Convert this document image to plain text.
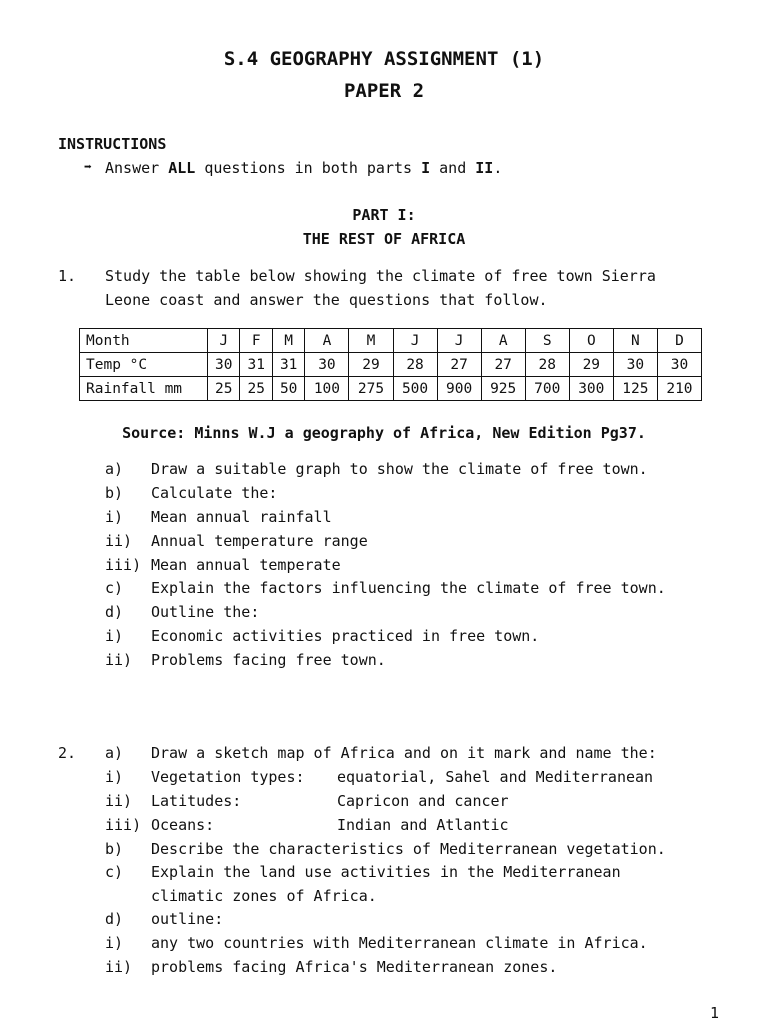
S.4 GEOGRAPHY ASSIGNMENT (1)
PAPER 2
INSTRUCTIONS
➡ Answer ALL questions in both parts I and II.
PART I:
THE REST OF AFRICA
1. Study the table below showing the climate of free town Sierra
Leone coast and answer the questions that follow.
Month	J	F	M	A	M	J	J	A	S	O	N	D
Temp °C	30	31	31	30	29	28	27	27	28	29	30	30
Rainfall mm	25	25	50	100	275	500	900	925	700	300	125	210
Source: Minns W.J a geography of Africa, New Edition Pg37.
a) Draw a suitable graph to show the climate of free town.
b) Calculate the:
i) Mean annual rainfall
ii) Annual temperature range
iii) Mean annual temperate
c) Explain the factors influencing the climate of free town.
d) Outline the:
i) Economic activities practiced in free town.
ii) Problems facing free town.
2. a) Draw a sketch map of Africa and on it mark and name the:
i) Vegetation types: equatorial, Sahel and Mediterranean
ii) Latitudes:	Capricon and cancer
iii) Oceans:	Indian and Atlantic
b) Describe the characteristics of Mediterranean vegetation.
c) Explain the land use activities in the Mediterranean
climatic zones of Africa.
d) outline:
i) any two countries with Mediterranean climate in Africa.
ii) problems facing Africa's Mediterranean zones.
1
